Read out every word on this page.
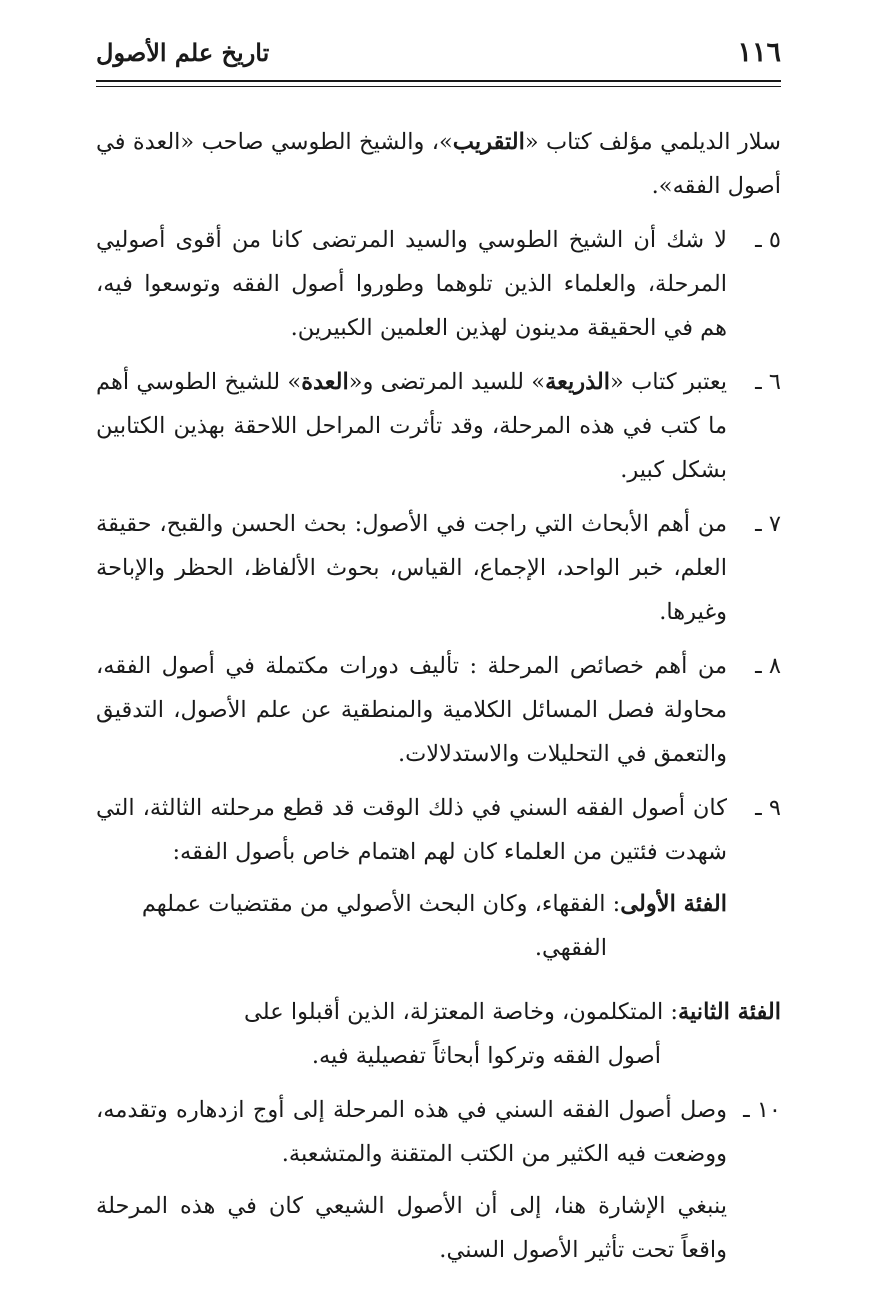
تاريخ علم الأصول	١١٦

سلار الديلمي مؤلف كتاب «التقريب»، والشيخ الطوسي صاحب «العدة في أصول الفقه».

٥ ـ
لا شك أن الشيخ الطوسي والسيد المرتضى كانا من أقوى أصوليي المرحلة، والعلماء الذين تلوهما وطوروا أصول الفقه وتوسعوا فيه، هم في الحقيقة مدينون لهذين العلمين الكبيرين.
٦ ـ
يعتبر كتاب «الذريعة» للسيد المرتضى و«العدة» للشيخ الطوسي أهم ما كتب في هذه المرحلة، وقد تأثرت المراحل اللاحقة بهذين الكتابين بشكل كبير.
٧ ـ
من أهم الأبحاث التي راجت في الأصول: بحث الحسن والقبح، حقيقة العلم، خبر الواحد، الإجماع، القياس، بحوث الألفاظ، الحظر والإباحة وغيرها.
٨ ـ
من أهم خصائص المرحلة : تأليف دورات مكتملة في أصول الفقه، محاولة فصل المسائل الكلامية والمنطقية عن علم الأصول، التدقيق والتعمق في التحليلات والاستدلالات.
٩ ـ
كان أصول الفقه السني في ذلك الوقت قد قطع مرحلته الثالثة، التي شهدت فئتين من العلماء كان لهم اهتمام خاص بأصول الفقه:
الفئة الأولى: الفقهاء، وكان البحث الأصولي من مقتضيات عملهم
الفقهي.
الفئة الثانية: المتكلمون، وخاصة المعتزلة، الذين أقبلوا على
أصول الفقه وتركوا أبحاثاً تفصيلية فيه.
١٠ ـ
وصل أصول الفقه السني في هذه المرحلة إلى أوج ازدهاره وتقدمه، ووضعت فيه الكثير من الكتب المتقنة والمتشعبة.
ينبغي الإشارة هنا، إلى أن الأصول الشيعي كان في هذه المرحلة واقعاً تحت تأثير الأصول السني.
